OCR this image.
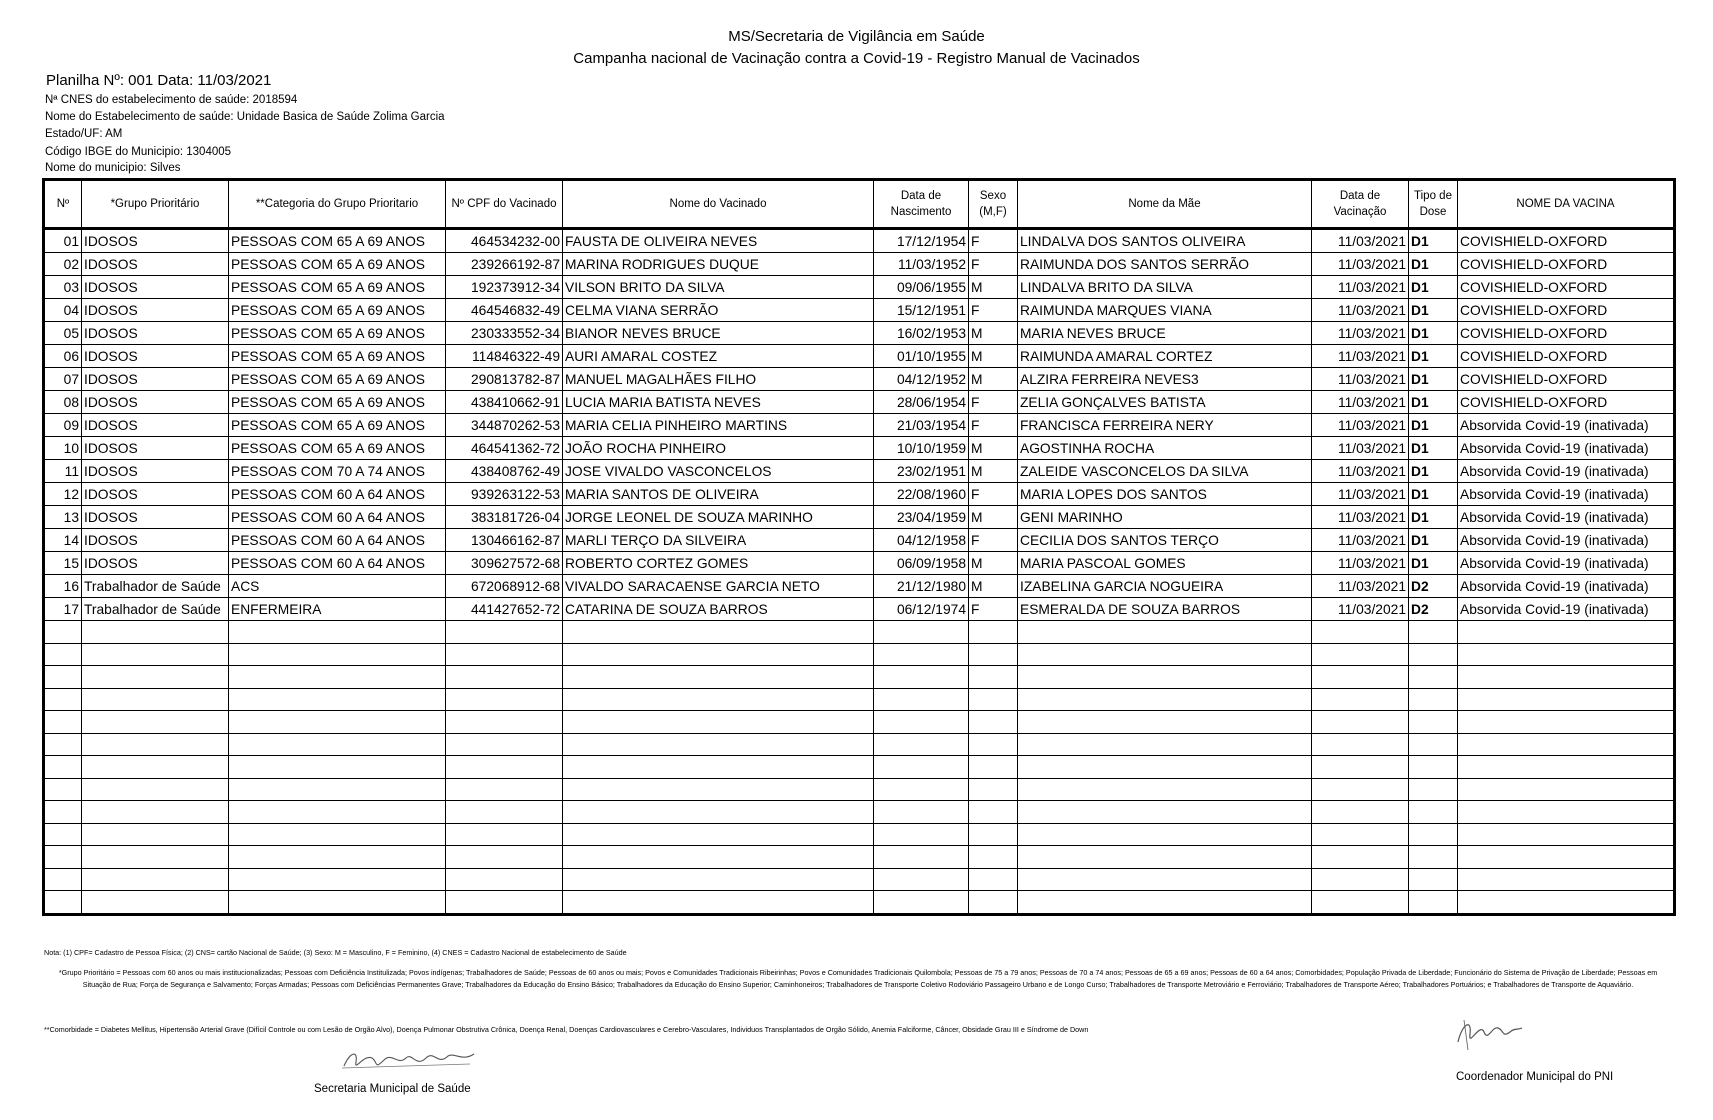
MS/Secretaria de Vigilância em Saúde
Campanha nacional de Vacinação contra a Covid-19 - Registro Manual de Vacinados
Planilha Nº: 001 Data: 11/03/2021
Nª CNES do estabelecimento de saúde: 2018594
Nome do Estabelecimento de saúde: Unidade Basica de Saúde Zolima Garcia
Estado/UF: AM
Código IBGE do Municipio: 1304005
Nome do municipio: Silves
Nº	*Grupo Prioritário	**Categoria do Grupo Prioritario	Nº CPF do Vacinado	Nome do Vacinado	Data de Nascimento	Sexo (M,F)	Nome da Mãe	Data de Vacinação	Tipo de Dose	NOME DA VACINA
01	IDOSOS	PESSOAS COM 65 A 69 ANOS	464534232-00	FAUSTA DE OLIVEIRA NEVES	17/12/1954	F	LINDALVA DOS SANTOS OLIVEIRA	11/03/2021	D1	COVISHIELD-OXFORD
02	IDOSOS	PESSOAS COM 65 A 69 ANOS	239266192-87	MARINA RODRIGUES DUQUE	11/03/1952	F	RAIMUNDA DOS SANTOS SERRÃO	11/03/2021	D1	COVISHIELD-OXFORD
03	IDOSOS	PESSOAS COM 65 A 69 ANOS	192373912-34	VILSON BRITO DA SILVA	09/06/1955	M	LINDALVA BRITO DA SILVA	11/03/2021	D1	COVISHIELD-OXFORD
04	IDOSOS	PESSOAS COM 65 A 69 ANOS	464546832-49	CELMA VIANA SERRÃO	15/12/1951	F	RAIMUNDA MARQUES VIANA	11/03/2021	D1	COVISHIELD-OXFORD
05	IDOSOS	PESSOAS COM 65 A 69 ANOS	230333552-34	BIANOR NEVES BRUCE	16/02/1953	M	MARIA NEVES BRUCE	11/03/2021	D1	COVISHIELD-OXFORD
06	IDOSOS	PESSOAS COM 65 A 69 ANOS	114846322-49	AURI AMARAL COSTEZ	01/10/1955	M	RAIMUNDA AMARAL CORTEZ	11/03/2021	D1	COVISHIELD-OXFORD
07	IDOSOS	PESSOAS COM 65 A 69 ANOS	290813782-87	MANUEL MAGALHÃES FILHO	04/12/1952	M	ALZIRA FERREIRA NEVES3	11/03/2021	D1	COVISHIELD-OXFORD
08	IDOSOS	PESSOAS COM 65 A 69 ANOS	438410662-91	LUCIA MARIA BATISTA NEVES	28/06/1954	F	ZELIA GONÇALVES BATISTA	11/03/2021	D1	COVISHIELD-OXFORD
09	IDOSOS	PESSOAS COM 65 A 69 ANOS	344870262-53	MARIA CELIA PINHEIRO MARTINS	21/03/1954	F	FRANCISCA FERREIRA NERY	11/03/2021	D1	Absorvida Covid-19 (inativada)
10	IDOSOS	PESSOAS COM 65 A 69 ANOS	464541362-72	JOÃO ROCHA PINHEIRO	10/10/1959	M	AGOSTINHA ROCHA	11/03/2021	D1	Absorvida Covid-19 (inativada)
11	IDOSOS	PESSOAS COM 70 A 74 ANOS	438408762-49	JOSE VIVALDO VASCONCELOS	23/02/1951	M	ZALEIDE VASCONCELOS DA SILVA	11/03/2021	D1	Absorvida Covid-19 (inativada)
12	IDOSOS	PESSOAS COM 60 A 64 ANOS	939263122-53	MARIA SANTOS DE OLIVEIRA	22/08/1960	F	MARIA LOPES DOS SANTOS	11/03/2021	D1	Absorvida Covid-19 (inativada)
13	IDOSOS	PESSOAS COM 60 A 64 ANOS	383181726-04	JORGE LEONEL DE SOUZA MARINHO	23/04/1959	M	GENI MARINHO	11/03/2021	D1	Absorvida Covid-19 (inativada)
14	IDOSOS	PESSOAS COM 60 A 64 ANOS	130466162-87	MARLI TERÇO DA SILVEIRA	04/12/1958	F	CECILIA DOS SANTOS TERÇO	11/03/2021	D1	Absorvida Covid-19 (inativada)
15	IDOSOS	PESSOAS COM 60 A 64 ANOS	309627572-68	ROBERTO CORTEZ GOMES	06/09/1958	M	MARIA PASCOAL GOMES	11/03/2021	D1	Absorvida Covid-19 (inativada)
16	Trabalhador de Saúde	ACS	672068912-68	VIVALDO SARACAENSE GARCIA NETO	21/12/1980	M	IZABELINA GARCIA NOGUEIRA	11/03/2021	D2	Absorvida Covid-19 (inativada)
17	Trabalhador de Saúde	ENFERMEIRA	441427652-72	CATARINA DE SOUZA BARROS	06/12/1974	F	ESMERALDA DE SOUZA BARROS	11/03/2021	D2	Absorvida Covid-19 (inativada)

Nota: (1) CPF= Cadastro de Pessoa Física; (2) CNS= cartão Nacional de Saúde; (3) Sexo: M = Masculino, F = Feminino, (4) CNES = Cadastro Nacional de estabelecimento de Saúde
*Grupo Prioritário = Pessoas com 60 anos ou mais institucionalizadas; Pessoas com Deficiência Institulizada; Povos indígenas; Trabalhadores de Saúde; Pessoas de 60 anos ou mais; Povos e Comunidades Tradicionais Ribeirinhas; Povos e Comunidades Tradicionais Quilombola; Pessoas de 75 a 79 anos; Pessoas de 70 a 74 anos; Pessoas de 65 a 69 anos; Pessoas de 60 a 64 anos; Comorbidades; População Privada de Liberdade; Funcionário do Sistema de Privação de Liberdade; Pessoas em Situação de Rua; Força de Segurança e Salvamento; Forças Armadas; Pessoas com Deficiências Permanentes Grave; Trabalhadores da Educação do Ensino Básico; Trabalhadores da Educação do Ensino Superior; Caminhoneiros; Trabalhadores de Transporte Coletivo Rodoviário Passageiro Urbano e de Longo Curso; Trabalhadores de Transporte Metroviário e Ferroviário; Trabalhadores de Transporte Aéreo; Trabalhadores Portuários; e Trabalhadores de Transporte de Aquaviário.
**Comorbidade = Diabetes Mellitus, Hipertensão Arterial Grave (Difícil Controle ou com Lesão de Orgão Alvo), Doença Pulmonar Obstrutiva Crônica, Doença Renal, Doenças Cardiovasculares e Cerebro-Vasculares, Individuos Transplantados de Orgão Sólido, Anemia Falciforme, Câncer, Obsidade Grau III e Síndrome de Down
Secretaria Municipal de Saúde
Coordenador Municipal do PNI
